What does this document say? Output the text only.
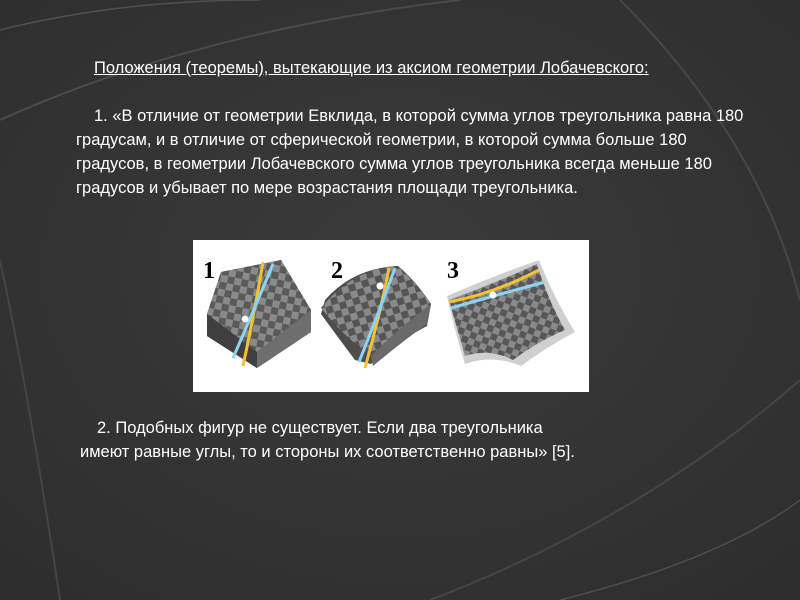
Положения (теоремы), вытекающие из аксиом геометрии Лобачевского:

1. «В отличие от геометрии Евклида, в которой сумма углов треугольника равна 180 градусам, и в отличие от сферической геометрии, в которой сумма больше 180 градусов, в геометрии Лобачевского сумма углов треугольника всегда меньше 180 градусов и убывает по мере возрастания площади треугольника.

1	2	3

2. Подобных фигур не существует. Если два треугольника
имеют равные углы, то и стороны их соответственно равны» [5].
